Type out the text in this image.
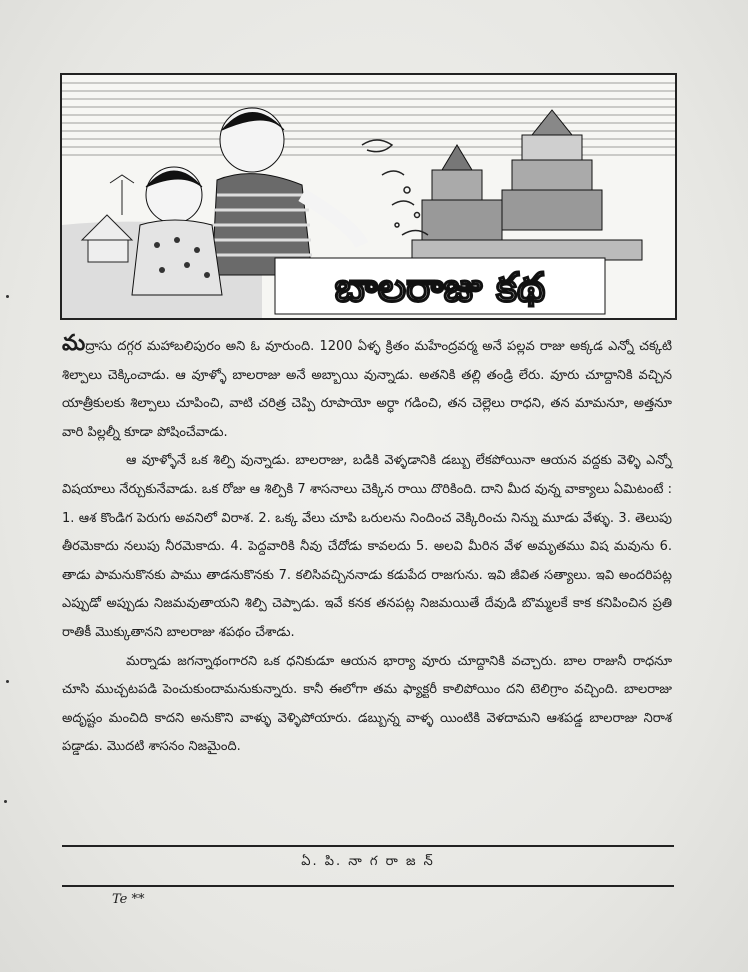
బాలరాజు కథ

మద్రాసు దగ్గర మహాబలిపురం అని ఓ వూరుంది. 1200 ఏళ్ళ క్రితం మహేంద్రవర్మ అనే పల్లవ రాజు అక్కడ ఎన్నో చక్కటి శిల్పాలు చెక్కించాడు. ఆ వూళ్ళో బాలరాజు అనే అబ్బాయి వున్నాడు. అతనికి తల్లి తండ్రి లేరు. వూరు చూద్దానికి వచ్చిన యాత్రీకులకు శిల్పాలు చూపించి, వాటి చరిత్ర చెప్పి రూపాయో అర్ధా గడించి, తన చెల్లెలు రాధని, తన మామనూ, అత్తనూ వారి పిల్లల్నీ కూడా పోషించేవాడు.

ఆ వూళ్ళోనే ఒక శిల్పి వున్నాడు. బాలరాజు, బడికి వెళ్ళడానికి డబ్బు లేకపోయినా ఆయన వద్దకు వెళ్ళి ఎన్నో విషయాలు నేర్చుకునేవాడు. ఒక రోజు ఆ శిల్పికి 7 శాసనాలు చెక్కిన రాయి దొరికింది. దాని మీద వున్న వాక్యాలు ఏమిటంటే : 1. ఆశ కొండిగ పెరుగు అవనిలో విరాశ. 2. ఒక్క వేలు చూపి ఒరులను నిందించ వెక్కిరించు నిన్ను మూడు వేళ్ళు. 3. తెలుపు తీరమెకాదు నలుపు నీరమెకాదు. 4. పెద్దవారికి నీవు చేదోడు కావలదు 5. అలవి మీరిన వేళ అమృతము విష మవును 6. తాడు పామనుకొనకు పాము తాడనుకొనకు 7. కలిసివచ్చిననాడు కడుపేద రాజగును. ఇవి జీవిత సత్యాలు. ఇవి అందరిపట్ల ఎప్పుడో అప్పుడు నిజమవుతాయని శిల్పి చెప్పాడు. ఇవే కనక తనపట్ల నిజమయితే దేవుడి బొమ్మలకే కాక కనిపించిన ప్రతి రాతికీ మొక్కుతానని బాలరాజు శపథం చేశాడు.

మర్నాడు జగన్నాథంగారని ఒక ధనికుడూ ఆయన భార్యా వూరు చూద్దానికి వచ్చారు. బాల రాజునీ రాధనూ చూసి ముచ్చటపడి పెంచుకుందామనుకున్నారు. కానీ ఈలోగా తమ ఫ్యాక్టరీ కాలిపోయిం దని టెలిగ్రాం వచ్చింది. బాలరాజు అదృష్టం మంచిది కాదని అనుకొని వాళ్ళు వెళ్ళిపోయారు. డబ్బున్న వాళ్ళ యింటికి వెళదామని ఆశపడ్డ బాలరాజు నిరాశ పడ్డాడు. మొదటి శాసనం నిజమైంది.

ఏ. పి. నా గ రా జ న్
Te **
